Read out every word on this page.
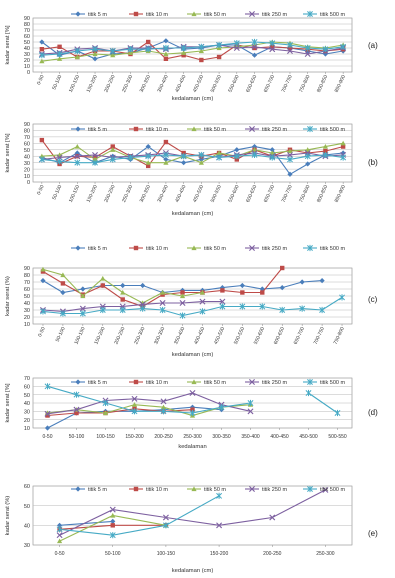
0
10
20
30
40
50
60
70
80
90
0-50 50-100 100-150 150-200 200-250 250-300 300-350 350-400 400-450 450-500 500-550 550-600 600-650 650-700 700-750 750-800 800-850 850-900
kedalaman (cm)
kadar serat [%]
titik 5 m	titik 10 m	titik 50 m	titik 250 m	titik 500 m
(a)
0
10
20
30
40
50
60
70
80
90
0-50 50-100 100-150 150-200 200-250 250-300 300-350 350-400 400-450 450-500 500-550 550-600 600-650 650-700 700-750 750-800 800-850 850-900
kedalaman (cm)
kadar serat [%]
titik 5 m	titik 10 m	titik 50 m	titik 250 m	titik 500 m
(b)
10
20
30
40
50
60
70
80
90
0-50 50-100 100-150 150-200 200-250 250-300 300-350 350-400 400-450 450-500 500-550 550-600 600-650 650-700 700-750 750-800
kedalaman (cm)
kadar serat (%)
titik 5 m	titik 10 m	titik 50 m	titik 250 m	titik 500 m
(c)
10
20
30
40
50
60
70
0-50	50-100 100-150 150-200 200-250 250-300 300-350 350-400 400-450 450-500 500-550
kedalaman
kadar serat [%]
titik 5 m	titik 10 m	titik 50 m	titik 250 m	titik 500 m
(d)
30
40
50
60
0-50	50-100	100-150	150-200	200-250	250-300
kedalaman (cm)
kadar serat (%)
titik 5 m	titik 10 m	titik 50 m	titik 250 m	titik 500 m
(e)
